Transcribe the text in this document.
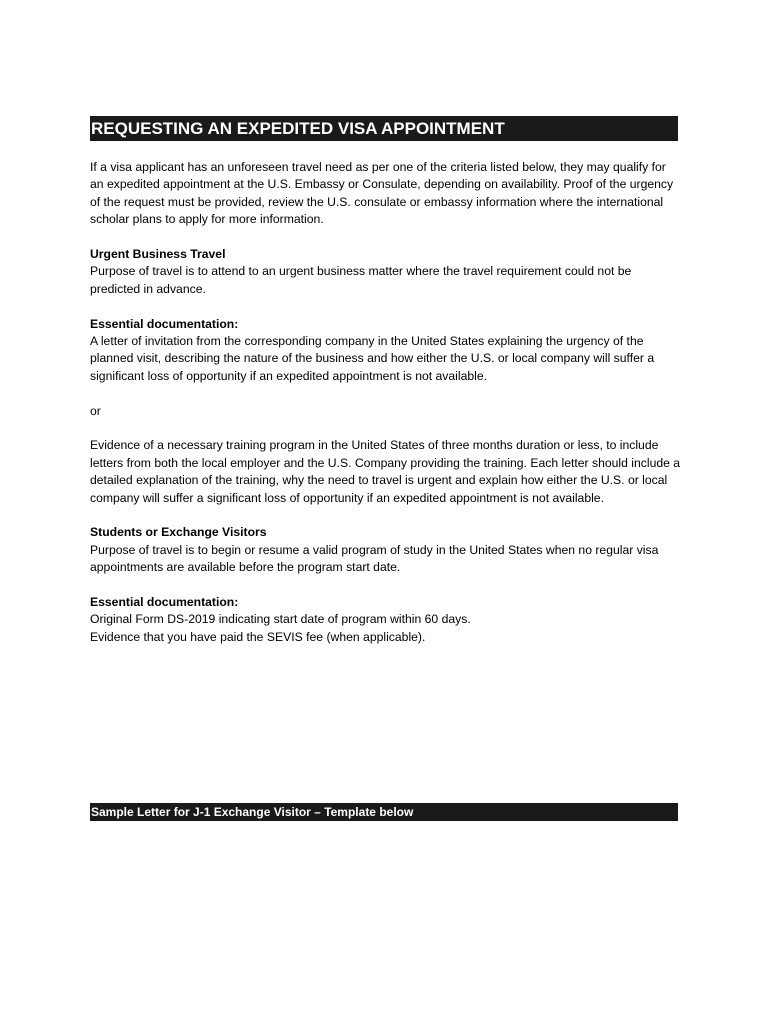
REQUESTING AN EXPEDITED VISA APPOINTMENT

If a visa applicant has an unforeseen travel need as per one of the criteria listed below, they may qualify for an expedited appointment at the U.S. Embassy or Consulate, depending on availability. Proof of the urgency of the request must be provided, review the U.S. consulate or embassy information where the international scholar plans to apply for more information.

Urgent Business Travel

Purpose of travel is to attend to an urgent business matter where the travel requirement could not be predicted in advance.

Essential documentation:

A letter of invitation from the corresponding company in the United States explaining the urgency of the planned visit, describing the nature of the business and how either the U.S. or local company will suffer a significant loss of opportunity if an expedited appointment is not available.

or

Evidence of a necessary training program in the United States of three months duration or less, to include letters from both the local employer and the U.S. Company providing the training. Each letter should include a detailed explanation of the training, why the need to travel is urgent and explain how either the U.S. or local company will suffer a significant loss of opportunity if an expedited appointment is not available.

Students or Exchange Visitors

Purpose of travel is to begin or resume a valid program of study in the United States when no regular visa appointments are available before the program start date.

Essential documentation:

Original Form DS-2019 indicating start date of program within 60 days.

Evidence that you have paid the SEVIS fee (when applicable).

Sample Letter for J-1 Exchange Visitor – Template below
